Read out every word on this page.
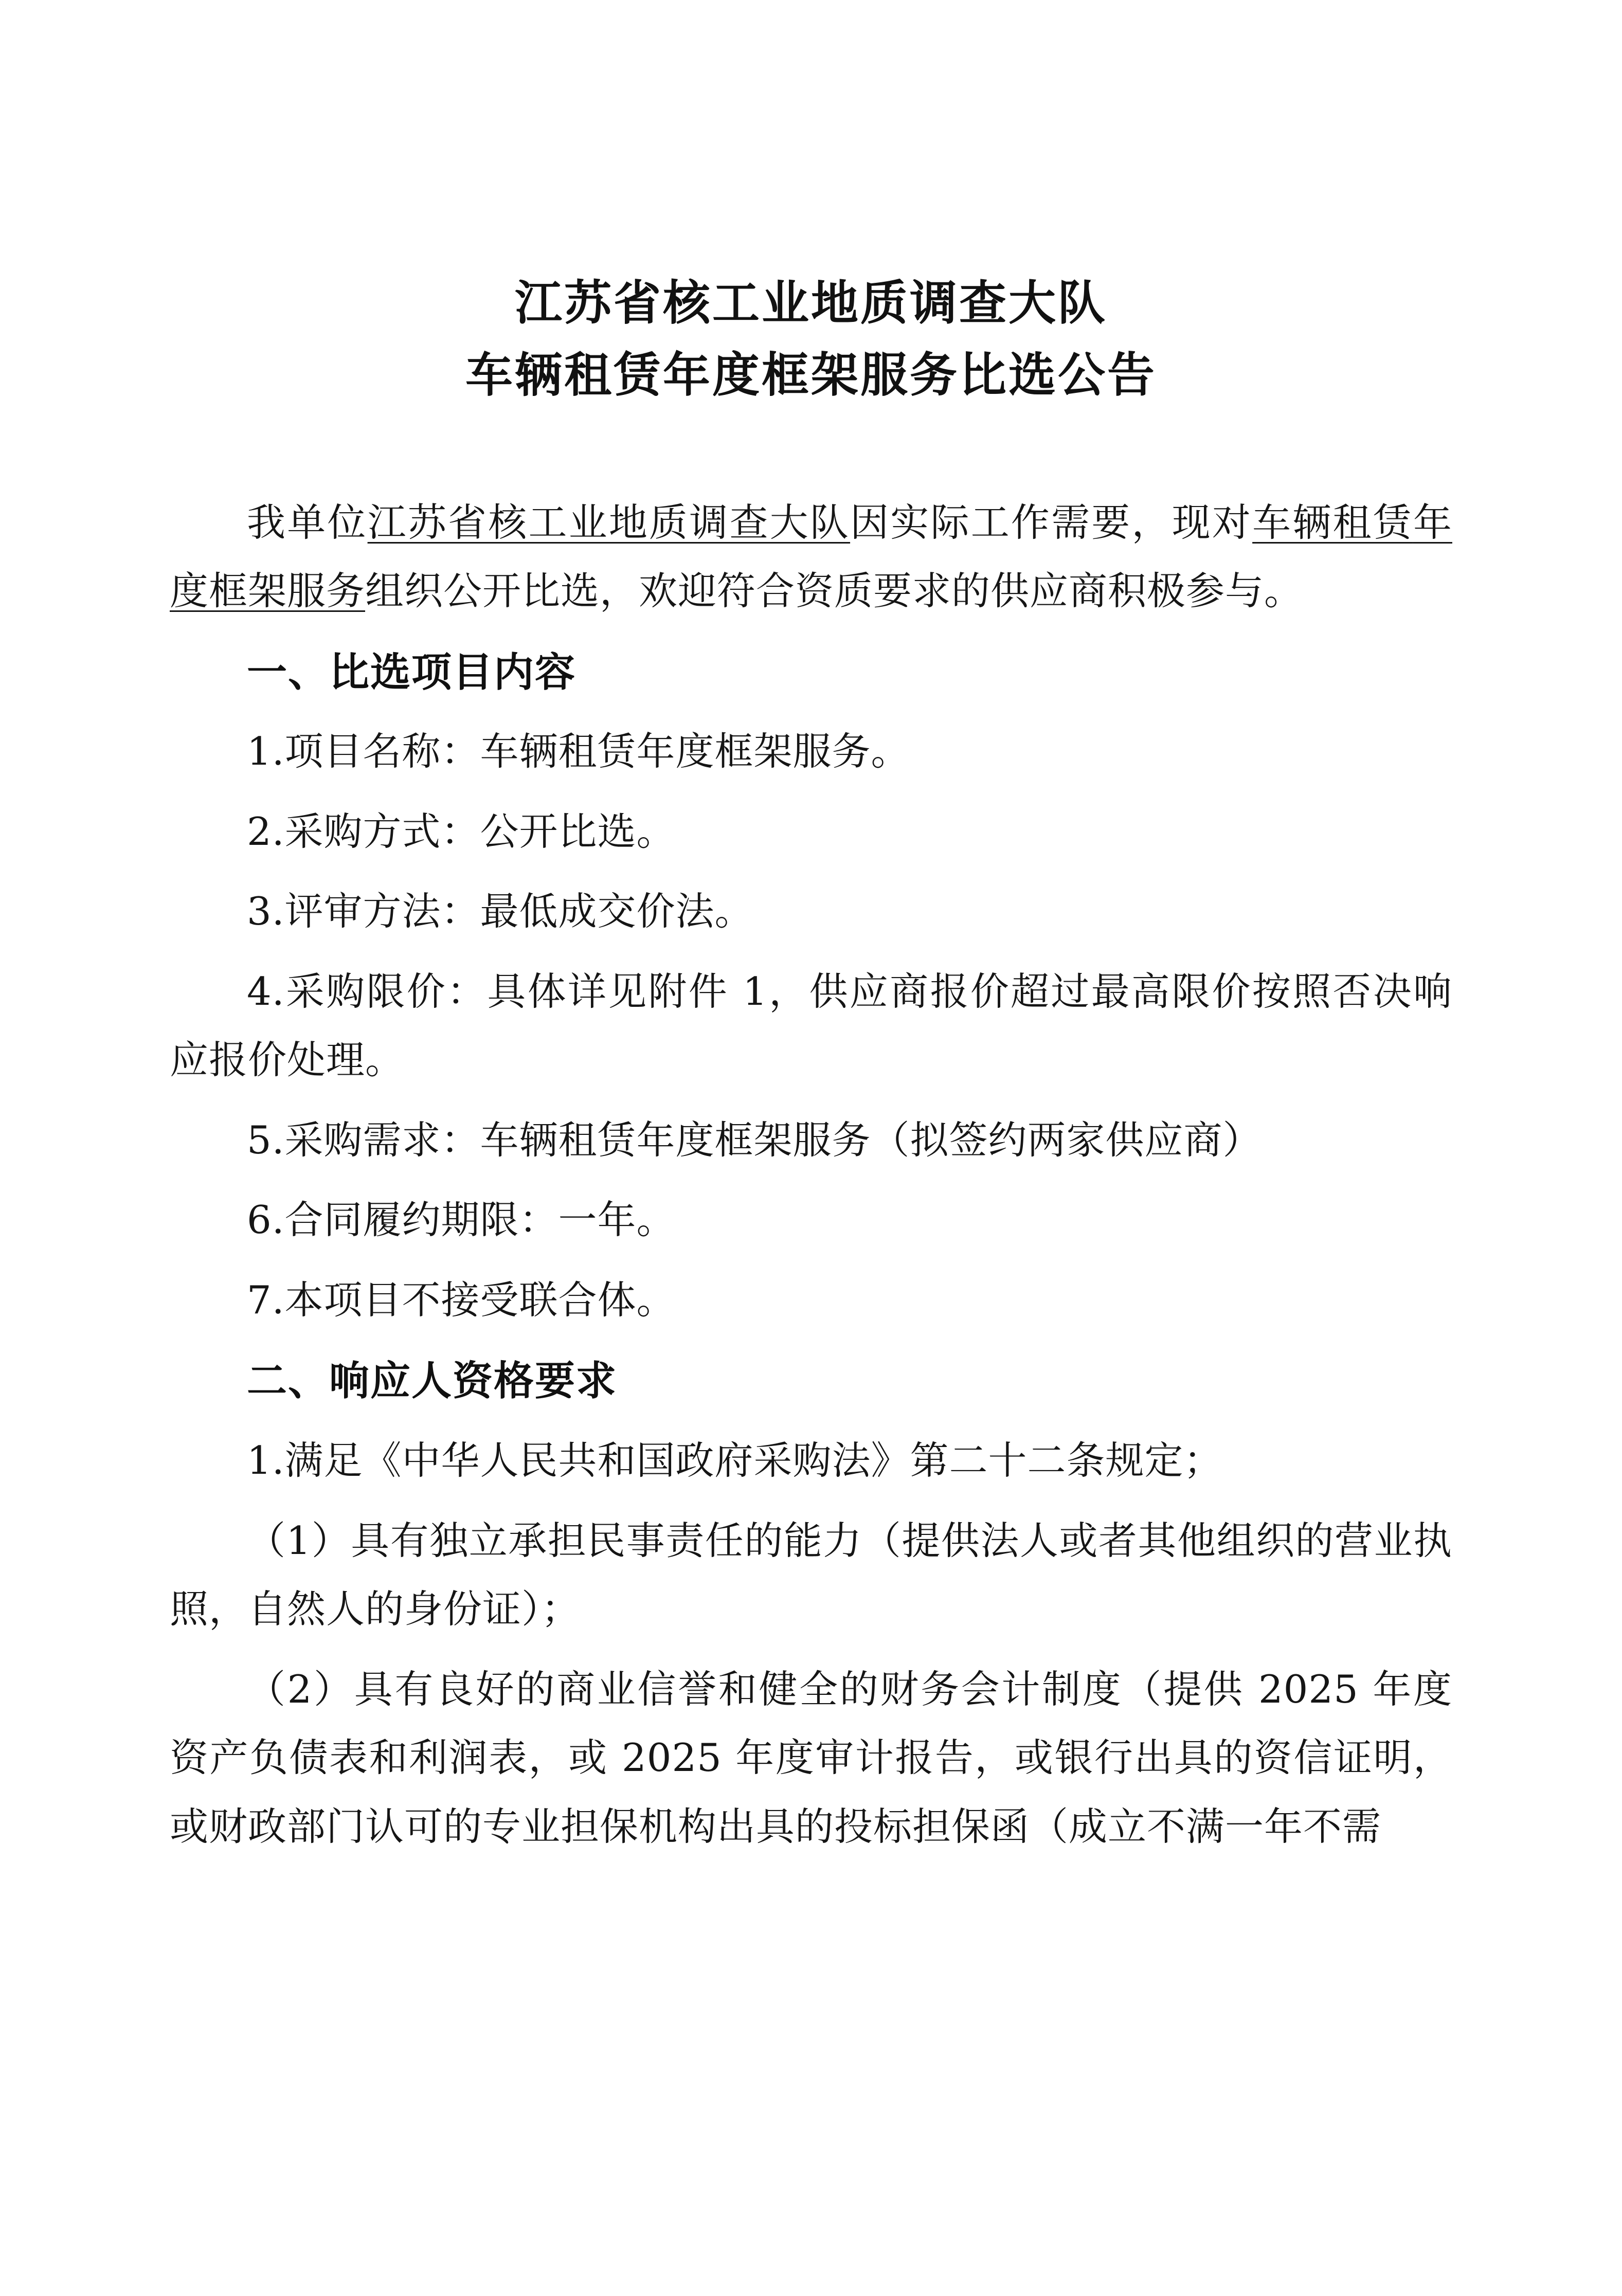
江苏省核工业地质调查大队
车辆租赁年度框架服务比选公告

我单位江苏省核工业地质调查大队因实际工作需要，现对车辆租赁年度框架服务组织公开比选，欢迎符合资质要求的供应商积极参与。

一、比选项目内容

1.项目名称：车辆租赁年度框架服务。

2.采购方式：公开比选。

3.评审方法：最低成交价法。

4.采购限价：具体详见附件 1，供应商报价超过最高限价按照否决响应报价处理。

5.采购需求：车辆租赁年度框架服务（拟签约两家供应商）

6.合同履约期限：一年。

7.本项目不接受联合体。

二、响应人资格要求

1.满足《中华人民共和国政府采购法》第二十二条规定；

（1）具有独立承担民事责任的能力（提供法人或者其他组织的营业执照，自然人的身份证）；

（2）具有良好的商业信誉和健全的财务会计制度（提供 2025 年度资产负债表和利润表，或 2025 年度审计报告，或银行出具的资信证明，或财政部门认可的专业担保机构出具的投标担保函（成立不满一年不需
